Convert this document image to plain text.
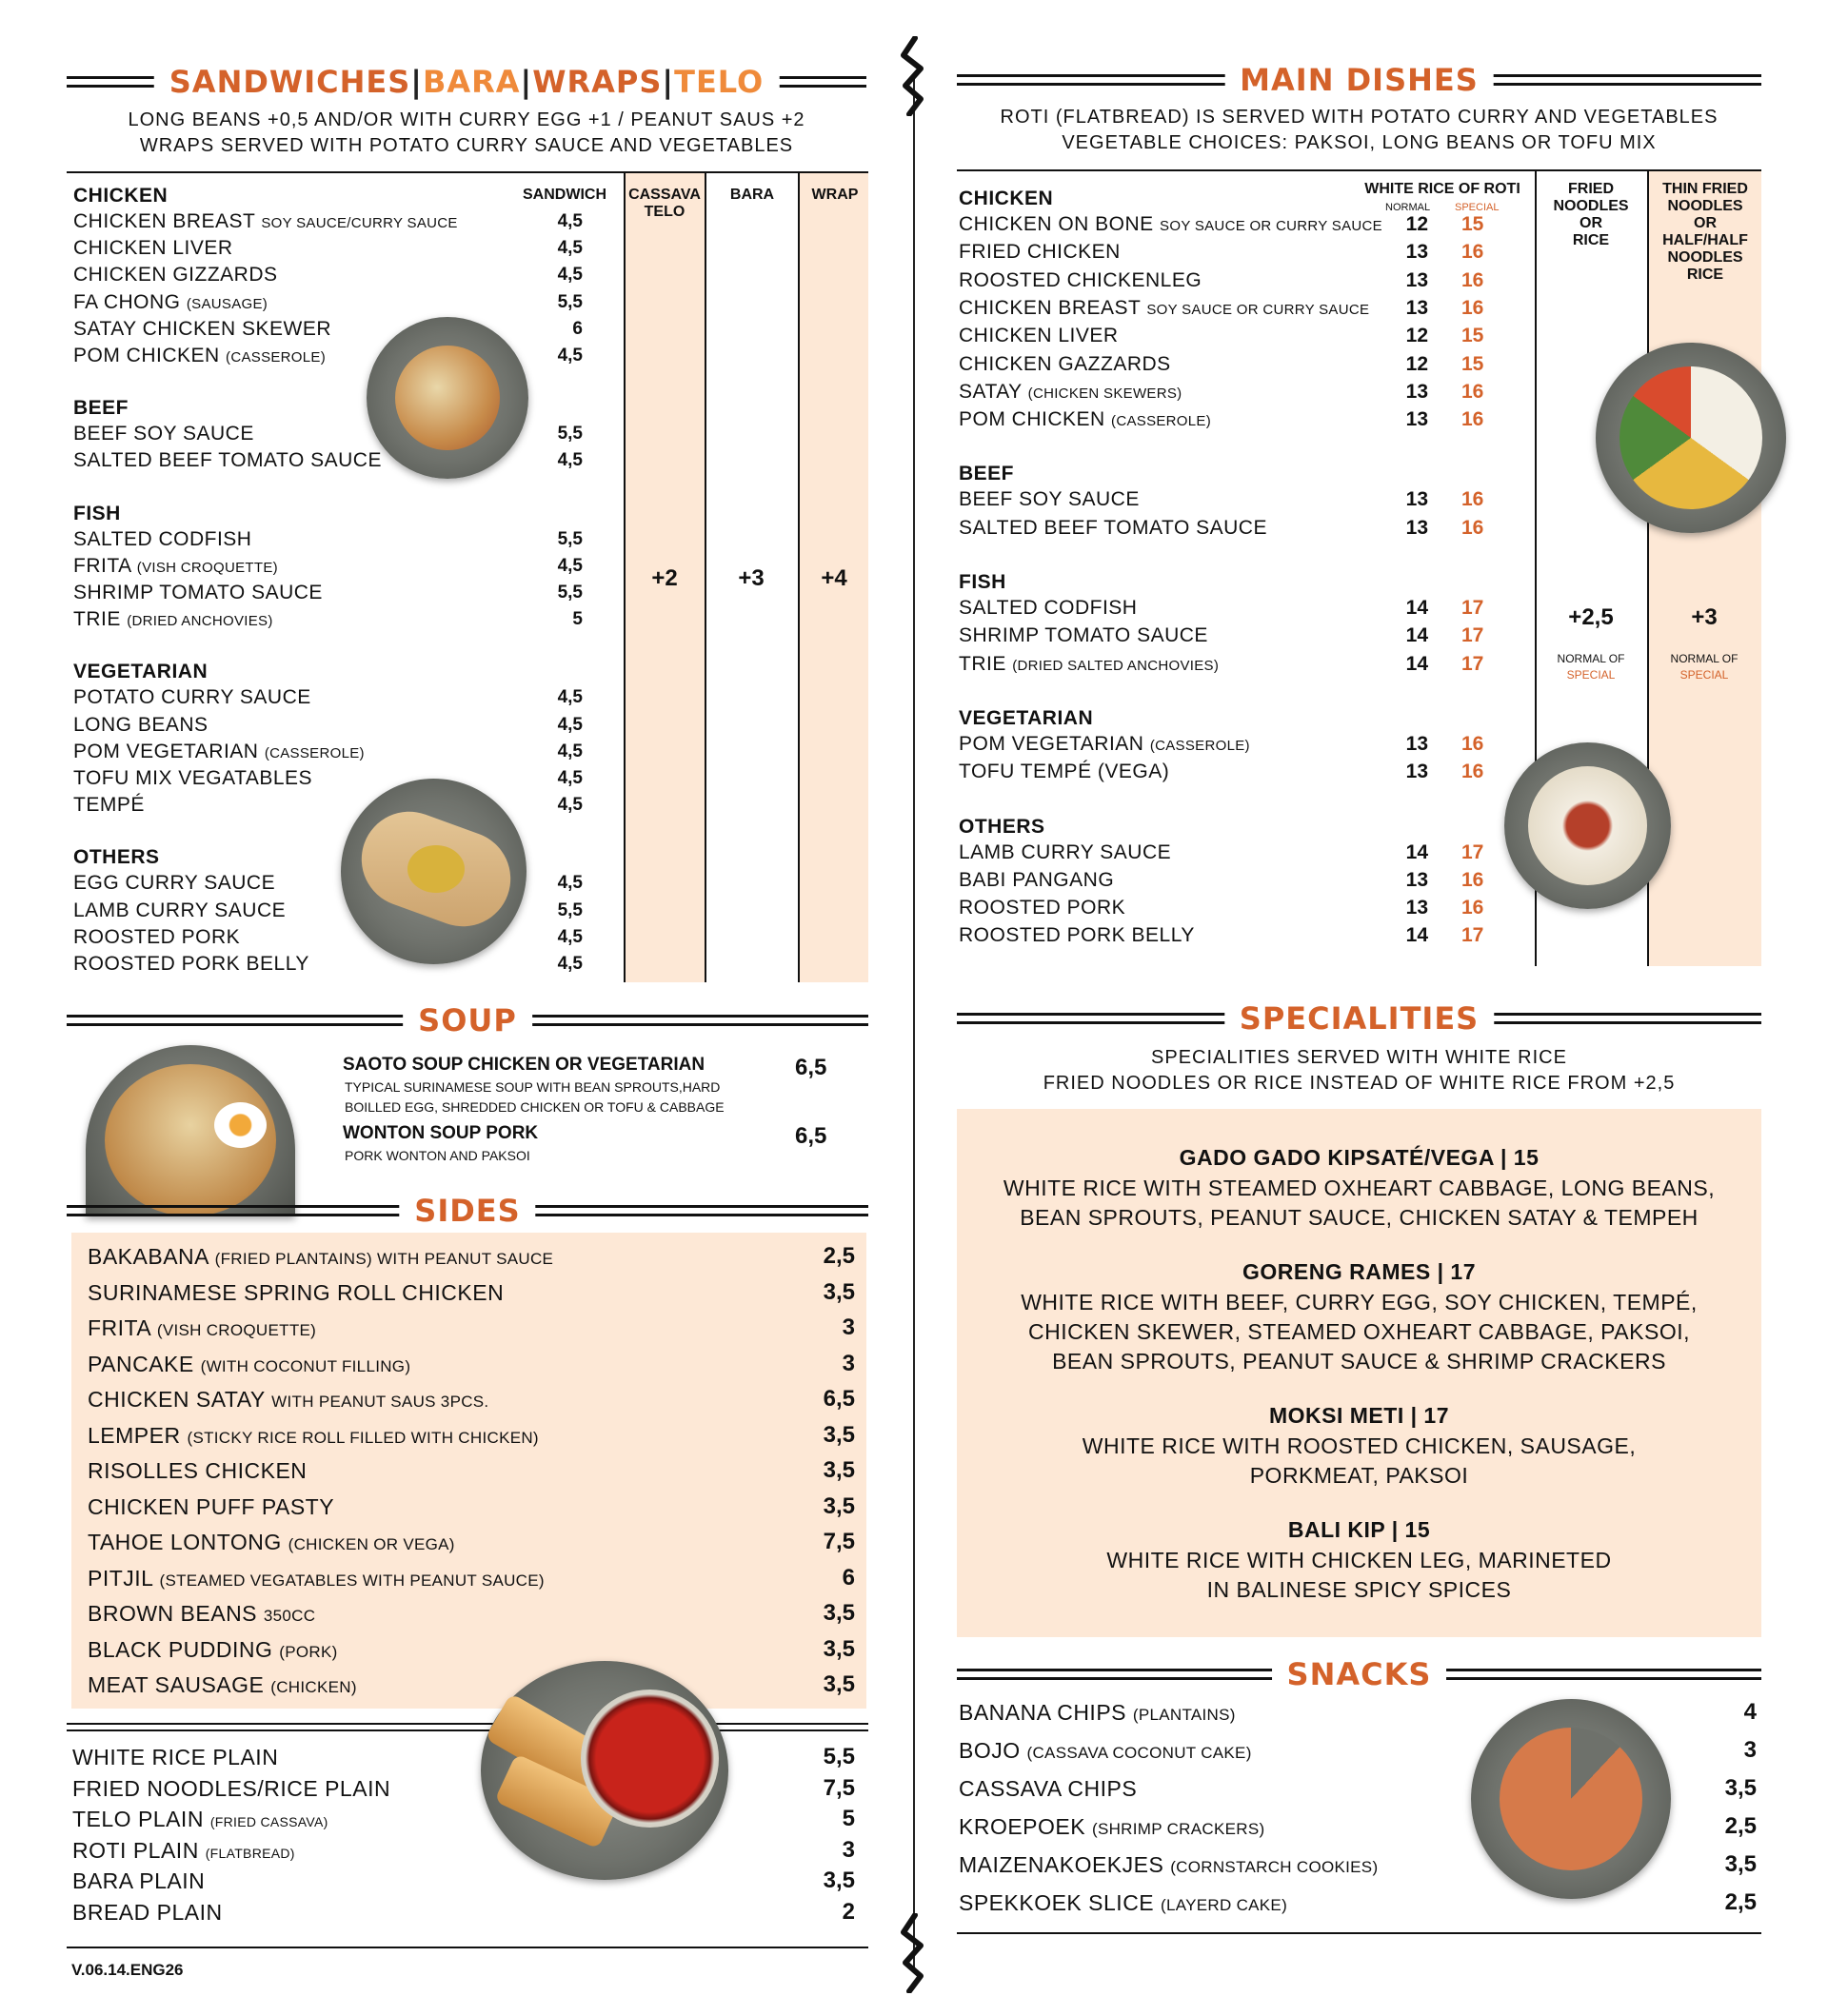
SANDWICHES|BARA|WRAPS|TELO
LONG BEANS +0,5 AND/OR WITH CURRY EGG +1 / PEANUT SAUS +2
WRAPS SERVED WITH POTATO CURRY SAUCE AND VEGETABLES
SANDWICH	CASSAVA
TELO
BARA	WRAP
+2	+3	+4
CHICKEN
CHICKEN BREAST SOY SAUCE/CURRY SAUCE	4,5
CHICKEN LIVER	4,5
CHICKEN GIZZARDS	4,5
FA CHONG (SAUSAGE)	5,5
SATAY CHICKEN SKEWER	6
POM CHICKEN (CASSEROLE)	4,5
BEEF
BEEF SOY SAUCE	5,5
SALTED BEEF TOMATO SAUCE	4,5
FISH
SALTED CODFISH	5,5
FRITA (VISH CROQUETTE)	4,5
SHRIMP TOMATO SAUCE	5,5
TRIE (DRIED ANCHOVIES)	5
VEGETARIAN
POTATO CURRY SAUCE	4,5
LONG BEANS	4,5
POM VEGETARIAN (CASSEROLE)	4,5
TOFU MIX VEGATABLES	4,5
TEMPÉ	4,5
OTHERS
EGG CURRY SAUCE	4,5
LAMB CURRY SAUCE	5,5
ROOSTED PORK	4,5
ROOSTED PORK BELLY	4,5
SOUP
SAOTO SOUP CHICKEN OR VEGETARIAN
TYPICAL SURINAMESE SOUP WITH BEAN SPROUTS,HARD
BOILLED EGG, SHREDDED CHICKEN OR TOFU & CABBAGE
6,5
WONTON SOUP PORK
PORK WONTON AND PAKSOI
6,5
SIDES
BAKABANA (FRIED PLANTAINS) WITH PEANUT SAUCE	2,5
SURINAMESE SPRING ROLL CHICKEN	3,5
FRITA (VISH CROQUETTE)	3
PANCAKE (WITH COCONUT FILLING)	3
CHICKEN SATAY WITH PEANUT SAUS 3PCS.	6,5
LEMPER (STICKY RICE ROLL FILLED WITH CHICKEN)	3,5
RISOLLES CHICKEN	3,5
CHICKEN PUFF PASTY	3,5
TAHOE LONTONG (CHICKEN OR VEGA)	7,5
PITJIL (STEAMED VEGATABLES WITH PEANUT SAUCE)	6
BROWN BEANS 350CC	3,5
BLACK PUDDING (PORK)	3,5
MEAT SAUSAGE (CHICKEN)	3,5
WHITE RICE PLAIN	5,5
FRIED NOODLES/RICE PLAIN	7,5
TELO PLAIN (FRIED CASSAVA)	5
ROTI PLAIN (FLATBREAD)	3
BARA PLAIN	3,5
BREAD PLAIN	2
V.06.14.ENG26
MAIN DISHES
ROTI (FLATBREAD) IS SERVED WITH POTATO CURRY AND VEGETABLES
VEGETABLE CHOICES: PAKSOI, LONG BEANS OR TOFU MIX
WHITE RICE OF ROTI
NORMAL SPECIAL
FRIED
NOODLES
OR
RICE
THIN FRIED
NOODLES
OR
HALF/HALF
NOODLES
RICE
+2,5	+3
NORMAL OF
SPECIAL
NORMAL OF
SPECIAL
CHICKEN
CHICKEN ON BONE SOY SAUCE OR CURRY SAUCE	12 15
FRIED CHICKEN	13 16
ROOSTED CHICKENLEG	13 16
CHICKEN BREAST SOY SAUCE OR CURRY SAUCE	13 16
CHICKEN LIVER	12 15
CHICKEN GAZZARDS	12 15
SATAY (CHICKEN SKEWERS)	13 16
POM CHICKEN (CASSEROLE)	13 16
BEEF
BEEF SOY SAUCE	13 16
SALTED BEEF TOMATO SAUCE	13 16
FISH
SALTED CODFISH	14 17
SHRIMP TOMATO SAUCE	14 17
TRIE (DRIED SALTED ANCHOVIES)	14 17
VEGETARIAN
POM VEGETARIAN (CASSEROLE)	13 16
TOFU TEMPÉ (VEGA)	13 16
OTHERS
LAMB CURRY SAUCE	14 17
BABI PANGANG	13 16
ROOSTED PORK	13 16
ROOSTED PORK BELLY	14 17
SPECIALITIES
SPECIALITIES SERVED WITH WHITE RICE
FRIED NOODLES OR RICE INSTEAD OF WHITE RICE FROM +2,5
GADO GADO KIPSATÉ/VEGA | 15
WHITE RICE WITH STEAMED OXHEART CABBAGE, LONG BEANS,
BEAN SPROUTS, PEANUT SAUCE, CHICKEN SATAY & TEMPEH
GORENG RAMES | 17
WHITE RICE WITH BEEF, CURRY EGG, SOY CHICKEN, TEMPÉ,
CHICKEN SKEWER, STEAMED OXHEART CABBAGE, PAKSOI,
BEAN SPROUTS, PEANUT SAUCE & SHRIMP CRACKERS
MOKSI METI | 17
WHITE RICE WITH ROOSTED CHICKEN, SAUSAGE,
PORKMEAT, PAKSOI
BALI KIP | 15
WHITE RICE WITH CHICKEN LEG, MARINETED
IN BALINESE SPICY SPICES
SNACKS
BANANA CHIPS (PLANTAINS)	4
BOJO (CASSAVA COCONUT CAKE)	3
CASSAVA CHIPS	3,5
KROEPOEK (SHRIMP CRACKERS)	2,5
MAIZENAKOEKJES (CORNSTARCH COOKIES)	3,5
SPEKKOEK SLICE (LAYERD CAKE)	2,5
